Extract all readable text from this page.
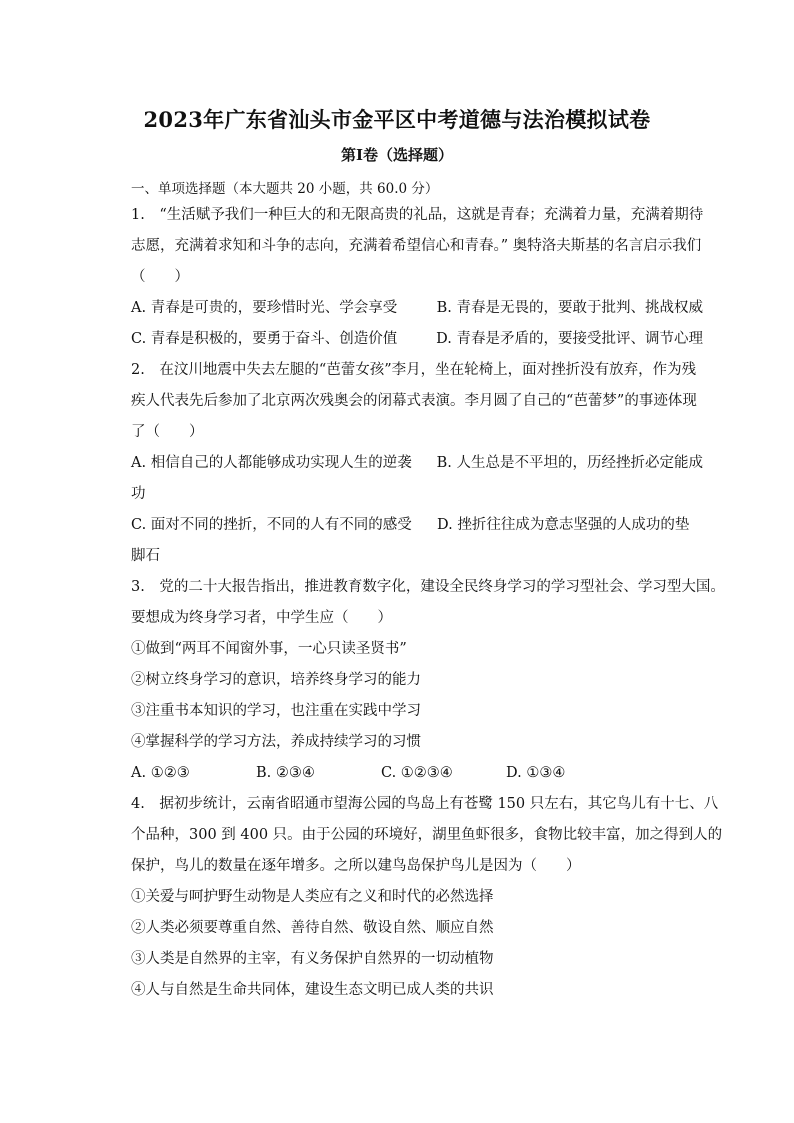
2023年广东省汕头市金平区中考道德与法治模拟试卷
第Ⅰ卷（选择题）
一、单项选择题（本大题共 20 小题，共 60.0 分）
1.　“生活赋予我们一种巨大的和无限高贵的礼品，这就是青春；充满着力量，充满着期待
志愿，充满着求知和斗争的志向，充满着希望信心和青春。” 奥特洛夫斯基的名言启示我们
（　　）
A. 青春是可贵的，要珍惜时光、学会享受	B. 青春是无畏的，要敢于批判、挑战权威
C. 青春是积极的，要勇于奋斗、创造价值	D. 青春是矛盾的，要接受批评、调节心理
2.　在汶川地震中失去左腿的“芭蕾女孩”李月，坐在轮椅上，面对挫折没有放弃，作为残
疾人代表先后参加了北京两次残奥会的闭幕式表演。李月圆了自己的“芭蕾梦”的事迹体现
了（　　）
A. 相信自己的人都能够成功实现人生的逆袭	B. 人生总是不平坦的，历经挫折必定能成
功
C. 面对不同的挫折，不同的人有不同的感受	D. 挫折往往成为意志坚强的人成功的垫
脚石
3.　党的二十大报告指出，推进教育数字化，建设全民终身学习的学习型社会、学习型大国。
要想成为终身学习者，中学生应（　　）
①做到“两耳不闻窗外事，一心只读圣贤书”
②树立终身学习的意识，培养终身学习的能力
③注重书本知识的学习，也注重在实践中学习
④掌握科学的学习方法，养成持续学习的习惯
A. ①②③	B. ②③④	C. ①②③④	D. ①③④
4.　据初步统计，云南省昭通市望海公园的鸟岛上有苍鹭 150 只左右，其它鸟儿有十七、八
个品种，300 到 400 只。由于公园的环境好，湖里鱼虾很多，食物比较丰富，加之得到人的
保护，鸟儿的数量在逐年增多。之所以建鸟岛保护鸟儿是因为（　　）
①关爱与呵护野生动物是人类应有之义和时代的必然选择
②人类必须要尊重自然、善待自然、敬设自然、顺应自然
③人类是自然界的主宰，有义务保护自然界的一切动植物
④人与自然是生命共同体，建设生态文明已成人类的共识
